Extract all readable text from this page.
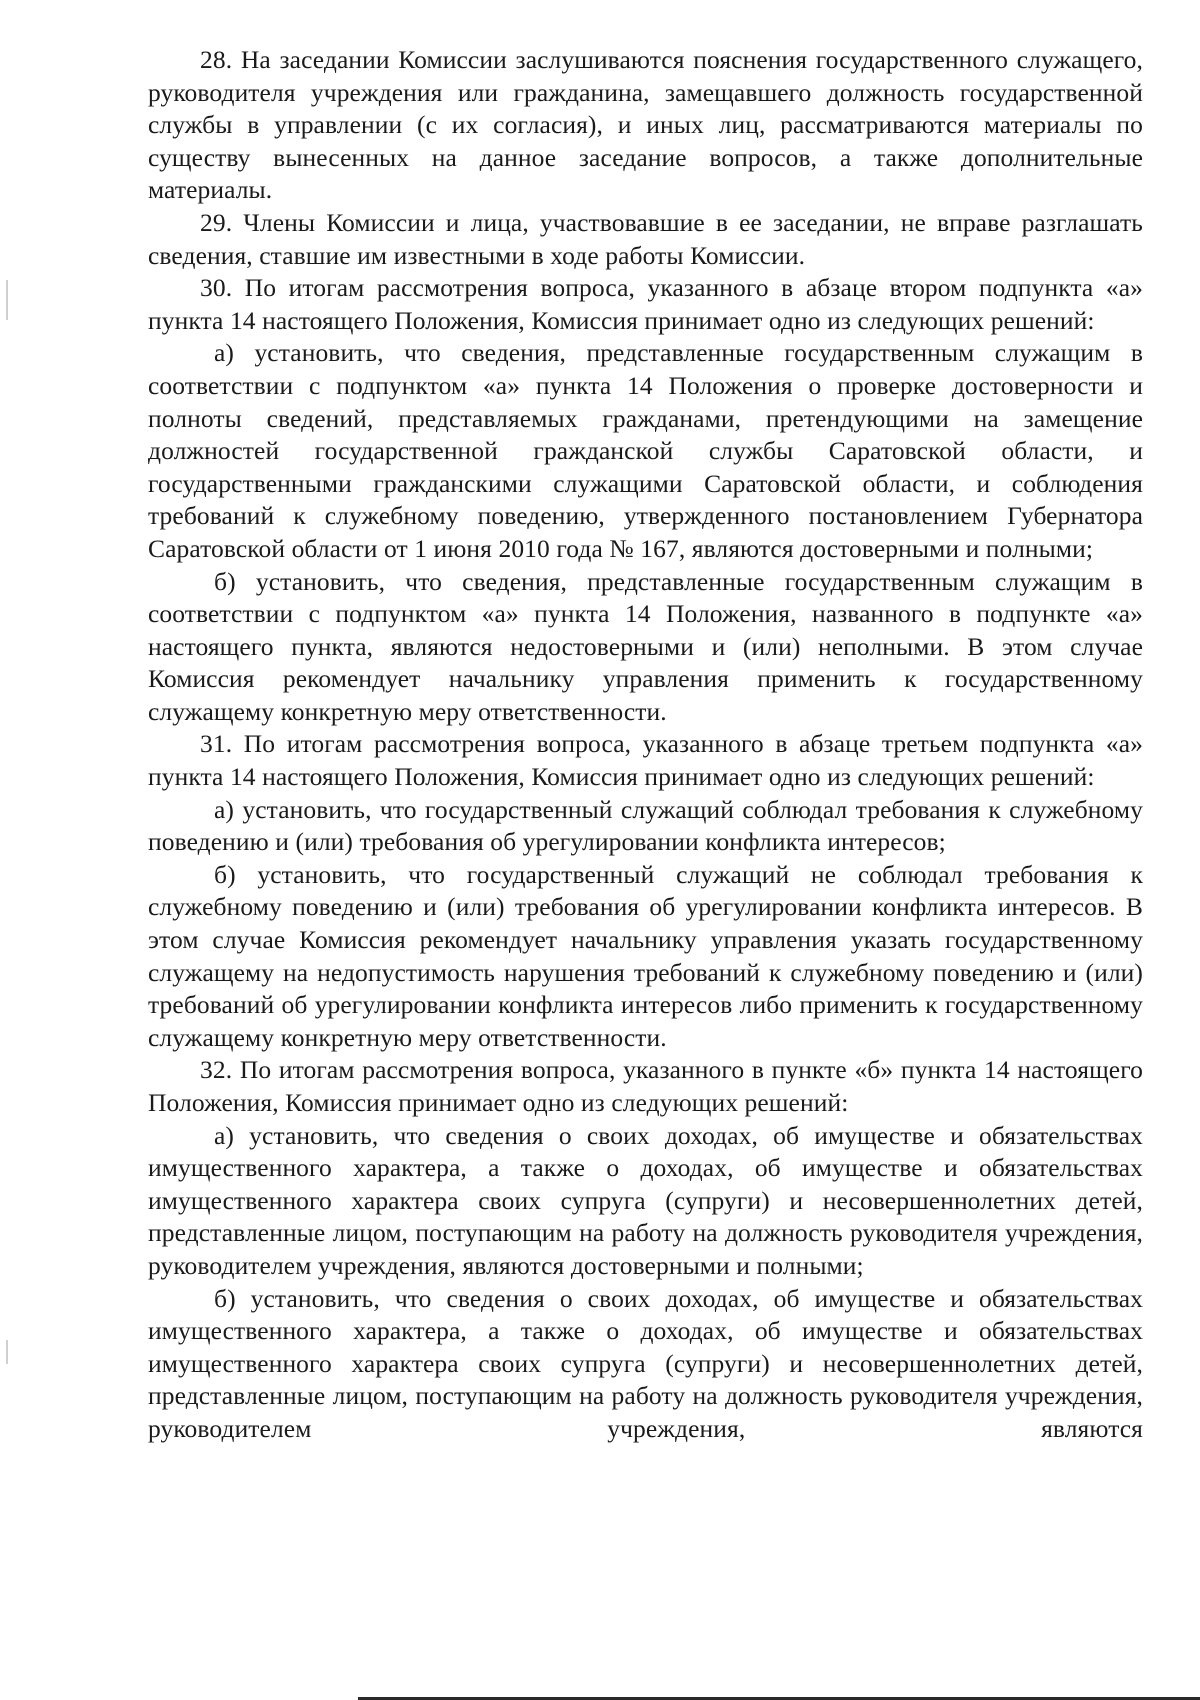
28. На заседании Комиссии заслушиваются пояснения государственного служащего, руководителя учреждения или гражданина, замещавшего должность государственной службы в управлении (с их согласия), и иных лиц, рассматриваются материалы по существу вынесенных на данное заседание вопросов, а также дополнительные материалы.

29. Члены Комиссии и лица, участвовавшие в ее заседании, не вправе разглашать сведения, ставшие им известными в ходе работы Комиссии.

30. По итогам рассмотрения вопроса, указанного в абзаце втором подпункта «а» пункта 14 настоящего Положения, Комиссия принимает одно из следующих решений:

а) установить, что сведения, представленные государственным служащим в соответствии с подпунктом «а» пункта 14 Положения о проверке достоверности и полноты сведений, представляемых гражданами, претендующими на замещение должностей государственной гражданской службы Саратовской области, и государственными гражданскими служащими Саратовской области, и соблюдения требований к служебному поведению, утвержденного постановлением Губернатора Саратовской области от 1 июня 2010 года № 167, являются достоверными и полными;

б) установить, что сведения, представленные государственным служащим в соответствии с подпунктом «а» пункта 14 Положения, названного в подпункте «а» настоящего пункта, являются недостоверными и (или) неполными. В этом случае Комиссия рекомендует начальнику управления применить к государственному служащему конкретную меру ответственности.

31. По итогам рассмотрения вопроса, указанного в абзаце третьем подпункта «а» пункта 14 настоящего Положения, Комиссия принимает одно из следующих решений:

а) установить, что государственный служащий соблюдал требования к служебному поведению и (или) требования об урегулировании конфликта интересов;

б) установить, что государственный служащий не соблюдал требования к служебному поведению и (или) требования об урегулировании конфликта интересов. В этом случае Комиссия рекомендует начальнику управления указать государственному служащему на недопустимость нарушения требований к служебному поведению и (или) требований об урегулировании конфликта интересов либо применить к государственному служащему конкретную меру ответственности.

32. По итогам рассмотрения вопроса, указанного в пункте «б» пункта 14 настоящего Положения, Комиссия принимает одно из следующих решений:

а) установить, что сведения о своих доходах, об имуществе и обязательствах имущественного характера, а также о доходах, об имуществе и обязательствах имущественного характера своих супруга (супруги) и несовершеннолетних детей, представленные лицом, поступающим на работу на должность руководителя учреждения, руководителем учреждения, являются достоверными и полными;

б) установить, что сведения о своих доходах, об имуществе и обязательствах имущественного характера, а также о доходах, об имуществе и обязательствах имущественного характера своих супруга (супруги) и несовершеннолетних детей, представленные лицом, поступающим на работу на должность руководителя учреждения, руководителем учреждения, являются
